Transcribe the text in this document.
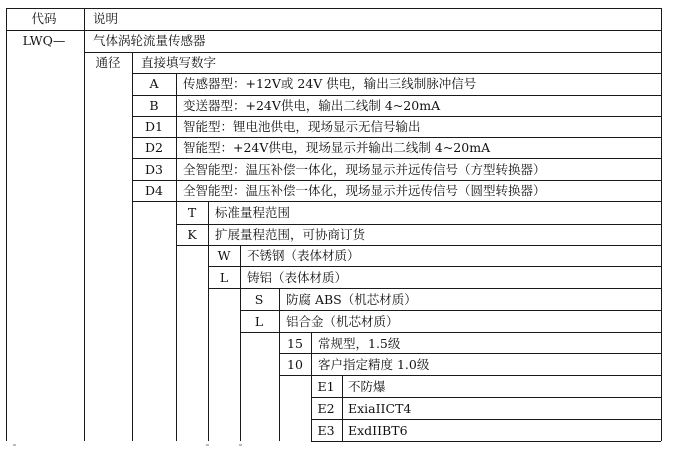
代码	说明
LWQ— 气体涡轮流量传感器
通径 直接填写数字
A 传感器型：+12V或 24V 供电，输出三线制脉冲信号
B 变送器型：+24V供电，输出二线制 4~20mA
D1 智能型：锂电池供电，现场显示无信号输出
D2 智能型：+24V供电，现场显示并输出二线制 4~20mA
D3 全智能型：温压补偿一体化，现场显示并远传信号（方型转换器）
D4 全智能型：温压补偿一体化，现场显示并远传信号（圆型转换器）
T 标准量程范围
K 扩展量程范围，可协商订货
W 不锈钢（表体材质）
L 铸铝（表体材质）
S 防腐 ABS（机芯材质）
L 铝合金（机芯材质）
15 常规型，1.5级
10 客户指定精度 1.0级
E1 不防爆
E2 ExiaIICT4
E3 ExdIIBT6
